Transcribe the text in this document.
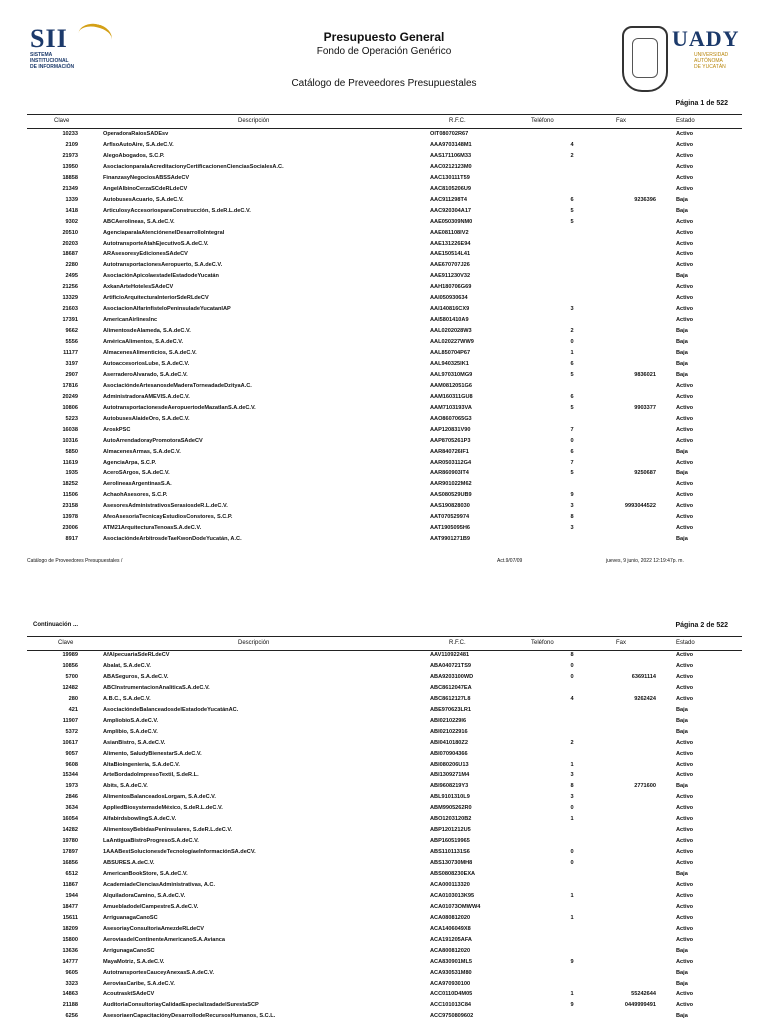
SII
SISTEMA
INSTITUCIONAL
DE INFORMACIÓN
Presupuesto General
Fondo de Operación Genérico
Catálogo de Preveedores Presupuestales
UADY
UNIVERSIDAD
AUTÓNOMA
DE YUCATÁN
Página 1 de 522
Clave	Descripción	R.F.C.	Teléfono	Fax	Estado
10233	OperadoraRaiosSADEsv	OIT080702R67	Activo
2109	ArflsoAutoAire, S.A.deC.V.	AAA9703148M1	4	Activo
21973	AlegoAbogados, S.C.P.	AAS171106M33	2	Activo
13950	AsociacionparalaAcreditacionyCertificacionenCienciasSocialesA.C.	AAC0212123M0	Activo
18858	FinanzasyNegociosABSSAdeCV	AAC130111T59	Activo
21349	AngelAlbinoCerzaSCdeRLdeCV	AAC8105206U9	Activo
1339	AutobusesAcuario, S.A.deC.V.	AAC911298T4	6	9236396	Baja
1418	ArticulosyAccesoriosparaConstrucción, S.deR.L.deC.V.	AAC920304A17	5	Baja
9302	ABCAerolineas, S.A.deC.V.	AAE050309NM0	5	Activo
20510	AgenciaparalaAtenciónenelDesarrolloIntegral	AAE081108IV2	Activo
20203	AutotransporteAtahEjecutivoS.A.deC.V.	AAE131226E94	Activo
18687	ARAsesoresyEdicionesSAdeCV	AAE150514L41	Activo
2280	AutotransportacionesAeropuerto, S.A.deC.V.	AAE670707J26	Activo
2495	AsociaciónApicolaestadelEstadodeYucatán	AAE911230V32	Baja
21256	AxkanArteHotelesSAdeCV	AAH180706G69	Activo
13329	ArtificioArquitecturaInteriorSdeRLdeCV	AAI050930634	Activo
21603	AsociacionAlfarinfisteloPeninsuladeYucatanIAP	AAI140816CX9	3	Activo
17391	AmericanAirlinesInc	AAI5801410A9	Activo
9662	AlimentosdeAlameda, S.A.deC.V.	AAL0202028W3	2	Baja
5556	AméricaAlimentos, S.A.deC.V.	AAL020227WW9	0	Baja
11177	AlmacenesAlimenticios, S.A.deC.V.	AAL850704P67	1	Baja
3197	AutoaccesoriosLube, S.A.deC.V.	AAL940325IK1	6	Baja
2907	AserraderoAlvarado, S.A.deC.V.	AAL970310MG9	5	9836021	Baja
17816	AsociacióndeArtesanosdeMaderaTorneadadeDzityaA.C.	AAM0812051G6	Activo
20249	AdministradoraAMEVIS.A.deC.V.	AAM160311GU8	6	Activo
10806	AutotransportacionesdeAeropuertodeMazatlanS.A.deC.V.	AAM7103193VA	5	9903377	Activo
5223	AutobusesAlaideOro, S.A.deC.V.	AAO8607065G3	Activo
16038	AroskPSC	AAP120831V90	7	Activo
10316	AutoArrendadorayPromotoraSAdeCV	AAP8705261P3	0	Activo
5850	AlmacenesArmas, S.A.deC.V.	AAR840726IF1	6	Baja
11619	AgenciaArpa, S.C.P.	AAR0503112G4	7	Activo
1935	AceroSArgos, S.A.deC.V.	AAR860903IT4	5	9250687	Baja
18252	AerolineasArgentinasS.A.	AAR901022M62	Activo
11506	AchaohAsesores, S.C.P.	AAS080529UB9	9	Activo
23158	AsesoresAdministrativosSerasiosdeR.L.deC.V.	AAS190828030	3	9993044522	Activo
13978	AfeoAsesoriaTecnicayEstudiosConstores, S.C.P.	AAT070529974	8	Activo
23006	ATM21ArquitecturaTenoasS.A.deC.V.	AAT1905095H6	3	Activo
8917	AsociacióndeArbitrosdeTaeKwonDodeYucatán, A.C.	AAT9901271B9	Baja
Catálogo de Proveedores Presupuestales /	Act.9/07/09	jueves, 9 junio, 2022 12:19:47p. m.
Continuación ...	Página 2 de 522
Clave	Descripción	R.F.C.	Teléfono	Fax	Estado
19989	AfAlpecuariaSdeRLdeCV	AAV110922481	8	Activo
10856	Abalat, S.A.deC.V.	ABA040721TS9	0	Activo
5700	ABASeguros, S.A.deC.V.	ABA9203100WD	0	63691114	Activo
12482	ABCInstrumentacionAnaliticaS.A.deC.V.	ABC8612047EA	Activo
280	A.B.C., S.A.deC.V.	ABC8612127L8	4	9262424	Activo
421	AsociacióndeBalanceadosdelEstadodeYucatánAC.	ABE970623LR1	Baja
11907	AmpliobioS.A.deC.V.	ABI0210229I6	Baja
5372	Amplibio, S.A.deC.V.	ABI021022916	Baja
10617	AsianBistro, S.A.deC.V.	ABI0410180Z2	2	Activo
9057	Alimento, SaludyBienestarS.A.deC.V.	ABI070904366	Activo
9608	AltaBioingeniería, S.A.deC.V.	ABI080206U13	1	Activo
15344	ArteBordadoImpresoTextil, S.deR.L.	ABI1309271M4	3	Activo
1973	Abits, S.A.deC.V.	ABI9608219Y3	8	2771600	Baja
2846	AlimentosBalanceadosLorgam, S.A.deC.V.	ABL9101310L9	3	Activo
3634	AppliedBiosystemsdeMéxico, S.deR.L.deC.V.	ABM9905262R0	0	Activo
16054	AlfabirdsbowlingS.A.deC.V.	ABO1203120B2	1	Activo
14282	AlimentosyBebidasPeninsulares, S.deR.L.deC.V.	ABP1201212U5	Activo
19780	LaAntiguaBistroProgresoS.A.deC.V.	ABP160519965	Activo
17897	1AAABestSolucionesdeTecnologíaeInformaciónSA.deCV.	ABS1101131S6	0	Activo
16856	ABSURES.A.deC.V.	ABS130730MH8	0	Activo
6512	AmericanBookStore, S.A.deC.V.	ABS0808230EXA	Baja
11867	AcademiadeCienciasAdministrativas, A.C.	ACA000113320	Activo
1944	AlquiladoraCamino, S.A.deC.V.	ACA0103013K95	1	Activo
18477	AmuebladodelCampestreS.A.deC.V.	ACA01073OMWW4	Activo
15611	ArriguanagaCanoSC	ACA080812020	1	Activo
18209	AsesoriayConsultoriaAmezdeRLdeCV	ACA1406049X8	Activo
15800	AeroviasdelContinenteAmericanoS.A.Avianca	ACA191205AFA	Activo
13636	ArrigunagaCanoSC	ACA800812020	Baja
14777	MayaMotriz, S.A.deC.V.	ACA830901ML5	9	Activo
9605	AutotransportesCauceyAnexasS.A.deC.V.	ACA930531M80	Baja
3323	AeroviasCaribe, S.A.deC.V.	ACA970930100	Baja
14863	AcoutrasktSAdeCV	ACC0110D4M05	1	55242644	Activo
21188	AuditoriaConsultoriayCalidadEspecializadadelSurestaSCP	ACC101013C84	9	0449999491	Activo
6256	AsesoriaenCapacitaciónyDesarrollodeRecursosHumanos, S.C.L.	ACC9750809602	Baja
